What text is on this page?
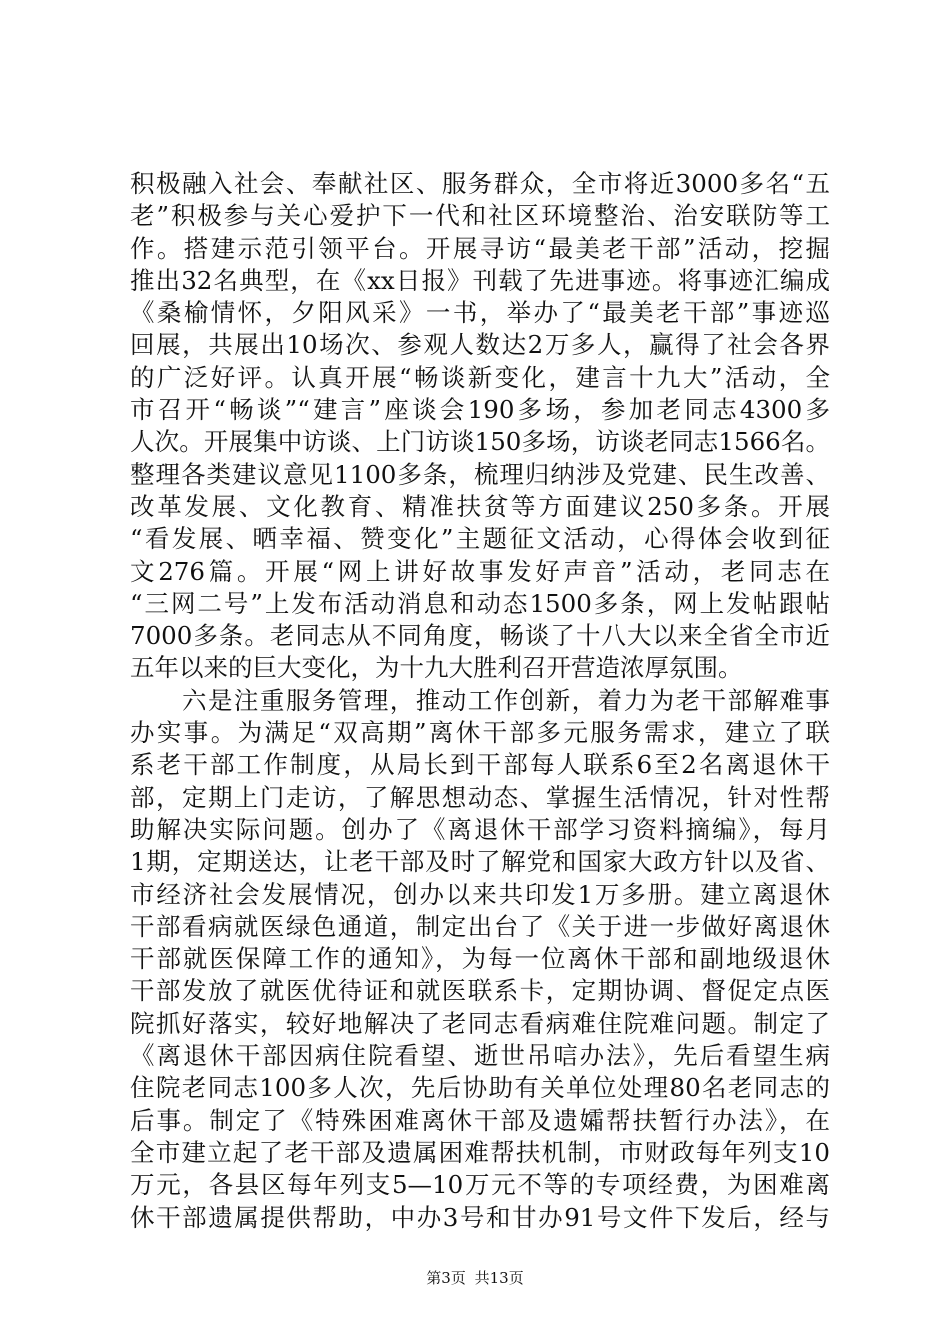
积极融入社会、奉献社区、服务群众，全市将近3000多名“五
老”积极参与关心爱护下一代和社区环境整治、治安联防等工
作。搭建示范引领平台。开展寻访“最美老干部”活动，挖掘
推出32名典型，在《xx日报》刊载了先进事迹。将事迹汇编成
《桑榆情怀，夕阳风采》一书，举办了“最美老干部”事迹巡
回展，共展出10场次、参观人数达2万多人，赢得了社会各界
的广泛好评。认真开展“畅谈新变化，建言十九大”活动，全
市召开“畅谈”“建言”座谈会190多场，参加老同志4300多
人次。开展集中访谈、上门访谈150多场，访谈老同志1566名。
整理各类建议意见1100多条，梳理归纳涉及党建、民生改善、
改革发展、文化教育、精准扶贫等方面建议250多条。开展
“看发展、晒幸福、赞变化”主题征文活动，心得体会收到征
文276篇。开展“网上讲好故事发好声音”活动，老同志在
“三网二号”上发布活动消息和动态1500多条，网上发帖跟帖
7000多条。老同志从不同角度，畅谈了十八大以来全省全市近
五年以来的巨大变化，为十九大胜利召开营造浓厚氛围。
　　六是注重服务管理，推动工作创新，着力为老干部解难事
办实事。为满足“双高期”离休干部多元服务需求，建立了联
系老干部工作制度，从局长到干部每人联系6至2名离退休干
部，定期上门走访，了解思想动态、掌握生活情况，针对性帮
助解决实际问题。创办了《离退休干部学习资料摘编》，每月
1期，定期送达，让老干部及时了解党和国家大政方针以及省、
市经济社会发展情况，创办以来共印发1万多册。建立离退休
干部看病就医绿色通道，制定出台了《关于进一步做好离退休
干部就医保障工作的通知》，为每一位离休干部和副地级退休
干部发放了就医优待证和就医联系卡，定期协调、督促定点医
院抓好落实，较好地解决了老同志看病难住院难问题。制定了
《离退休干部因病住院看望、逝世吊唁办法》，先后看望生病
住院老同志100多人次，先后协助有关单位处理80名老同志的
后事。制定了《特殊困难离休干部及遗孀帮扶暂行办法》，在
全市建立起了老干部及遗属困难帮扶机制，市财政每年列支10
万元，各县区每年列支5—10万元不等的专项经费，为困难离
休干部遗属提供帮助，中办3号和甘办91号文件下发后，经与
第3页 共13页
